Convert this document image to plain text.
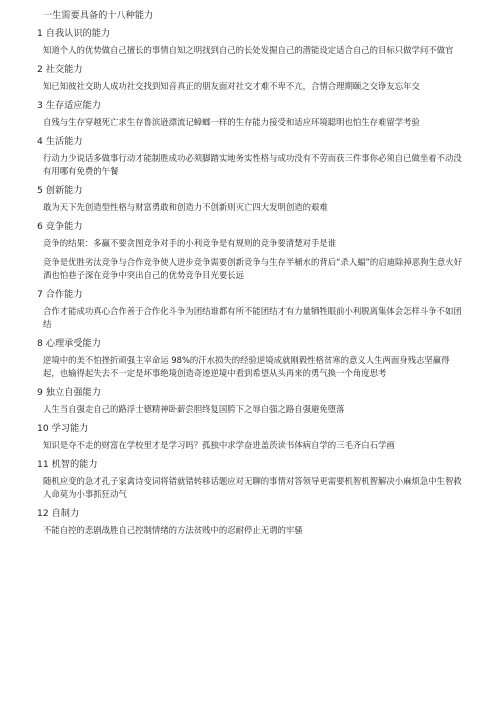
一生需要具备的十八种能力
1 自我认识的能力

知道个人的优势做自己擅长的事情自知之明找到自己的长处发掘自己的潜能设定适合自己的目标只做学问不做官

2 社交能力

知已知彼社交助人成功社交找到知音真正的朋友面对社交才难不卑不亢，合情合理期颐之交诤友忘年交

3 生存适应能力

自残与生存穿越死亡求生存鲁滨逊漂流记蟑螂一样的生存能力接受和适应环境聪明也怕生存难留学考验

4 生活能力

行动力少说话多做事行动才能制胜成功必须脚踏实地务实性格与成功没有不劳而获三件事你必须自已做坐着不动没有用哪有免费的午餐

5 创新能力

敢为天下先创造型性格与财富勇敢和创造力不创新则灭亡四大发明创造的艰难

6 竞争能力

竞争的结果：多赢不要贪图竞争对手的小利竞争是有规则的竞争要清楚对手是谁

竞争是优胜劣汰竞争与合作竞争使人进步竞争需要创新竞争与生存半桶水的背后“杀人蝠”的启迪除掉恶狗生意火好酒也怕巷子深在竞争中突出自己的优势竞争目光要长远

7 合作能力

合作才能成功真心合作善于合作化斗争为团结谁都有所不能团结才有力量牺牲眼前小利脱离集体会怎样斗争不如团结

8 心理承受能力

逆境中的美不怕挫折顽强主宰命运 98%的汗水损失的经验逆境成就刚毅性格贫寒的意义人生两面身残志坚赢得起，也输得起失去不一定是坏事绝境创造奇迹逆境中看到希望从头再来的勇气换一个角度思考

9 独立自强能力

人生当自强走自己的路浮士德精神卧薪尝胆终复国胯下之辱自强之路自强避免堕落

10 学习能力

知识是夺不走的财富在学校里才是学习吗？孤独中求学奋进盖茨读书体病自学的三毛齐白石学画

11 机智的能力

随机应变的急才孔子家禽诗变词将错就错转移话题应对无聊的事情对答领导更需要机智机智解决小麻烦急中生智救人命莫为小事抓狂动气

12 自制力

不能自控的悲剧战胜自己控制情绪的方法贫贱中的忍耐停止无谓的牢骚
